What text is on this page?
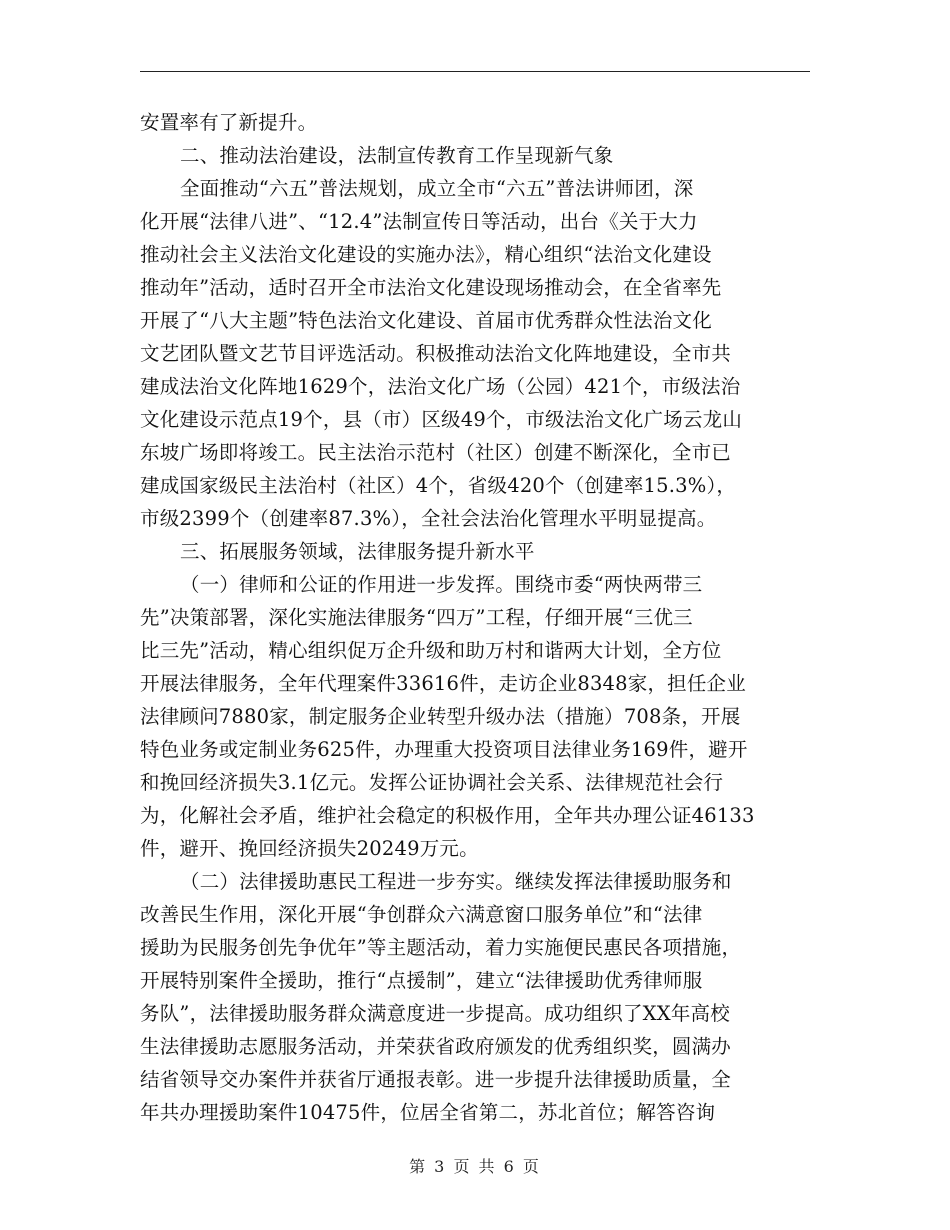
安置率有了新提升。
二、推动法治建设，法制宣传教育工作呈现新气象
全面推动“六五”普法规划，成立全市“六五”普法讲师团，深
化开展“法律八进”、“12.4”法制宣传日等活动，出台《关于大力
推动社会主义法治文化建设的实施办法》，精心组织“法治文化建设
推动年”活动，适时召开全市法治文化建设现场推动会，在全省率先
开展了“八大主题”特色法治文化建设、首届市优秀群众性法治文化
文艺团队暨文艺节目评选活动。积极推动法治文化阵地建设，全市共
建成法治文化阵地1629个，法治文化广场（公园）421个，市级法治
文化建设示范点19个，县（市）区级49个，市级法治文化广场云龙山
东坡广场即将竣工。民主法治示范村（社区）创建不断深化，全市已
建成国家级民主法治村（社区）4个，省级420个（创建率15.3%），
市级2399个（创建率87.3%），全社会法治化管理水平明显提高。
三、拓展服务领域，法律服务提升新水平
（一）律师和公证的作用进一步发挥。围绕市委“两快两带三
先”决策部署，深化实施法律服务“四万”工程，仔细开展“三优三
比三先”活动，精心组织促万企升级和助万村和谐两大计划，全方位
开展法律服务，全年代理案件33616件，走访企业8348家，担任企业
法律顾问7880家，制定服务企业转型升级办法（措施）708条，开展
特色业务或定制业务625件，办理重大投资项目法律业务169件，避开
和挽回经济损失3.1亿元。发挥公证协调社会关系、法律规范社会行
为，化解社会矛盾，维护社会稳定的积极作用，全年共办理公证46133
件，避开、挽回经济损失20249万元。
（二）法律援助惠民工程进一步夯实。继续发挥法律援助服务和
改善民生作用，深化开展“争创群众六满意窗口服务单位”和“法律
援助为民服务创先争优年”等主题活动，着力实施便民惠民各项措施，
开展特别案件全援助，推行“点援制”，建立“法律援助优秀律师服
务队”，法律援助服务群众满意度进一步提高。成功组织了XX年高校
生法律援助志愿服务活动，并荣获省政府颁发的优秀组织奖，圆满办
结省领导交办案件并获省厅通报表彰。进一步提升法律援助质量，全
年共办理援助案件10475件，位居全省第二，苏北首位；解答咨询
第 3 页 共 6 页
